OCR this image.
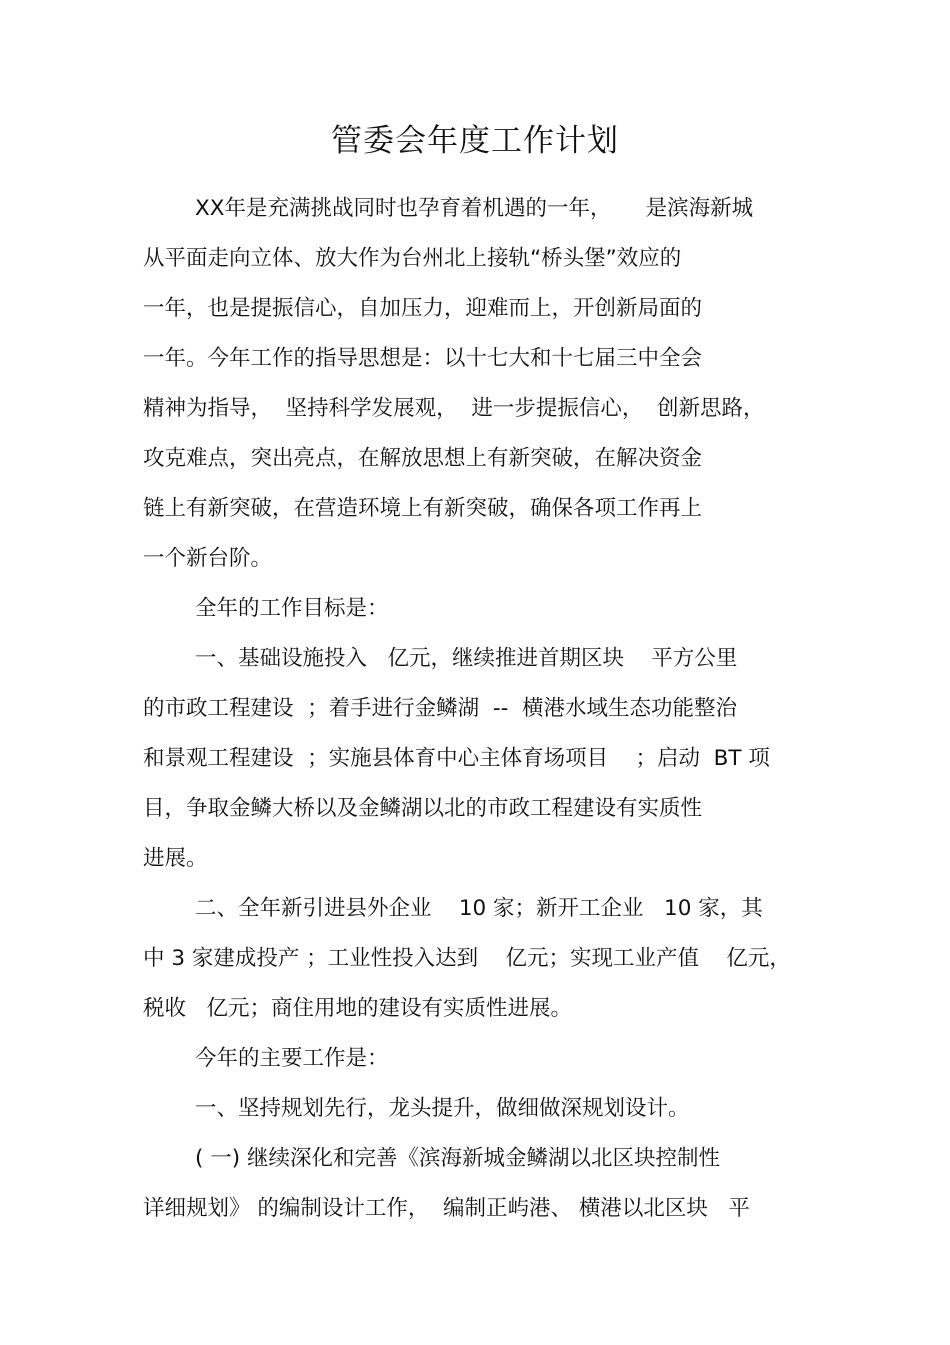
管委会年度工作计划
XX年是充满挑战同时也孕育着机遇的一年，     是滨海新城
从平面走向立体、放大作为台州北上接轨“桥头堡”效应的
一年，也是提振信心，自加压力，迎难而上，开创新局面的
一年。今年工作的指导思想是：以十七大和十七届三中全会
精神为指导，  坚持科学发展观，  进一步提振信心，  创新思路，
攻克难点，突出亮点，在解放思想上有新突破，在解决资金
链上有新突破，在营造环境上有新突破，确保各项工作再上
一个新台阶。
全年的工作目标是：
一、基础设施投入   亿元，继续推进首期区块    平方公里
的市政工程建设  ；着手进行金鳞湖  --  横港水域生态功能整治
和景观工程建设  ；实施县体育中心主体育场项目    ；启动  BT 项
目，争取金鳞大桥以及金鳞湖以北的市政工程建设有实质性
进展。
二、全年新引进县外企业    10 家；新开工企业   10 家，其
中 3 家建成投产 ；工业性投入达到    亿元；实现工业产值    亿元，
税收   亿元；商住用地的建设有实质性进展。
今年的主要工作是：
一、坚持规划先行，龙头提升，做细做深规划设计。
( 一) 继续深化和完善《滨海新城金鳞湖以北区块控制性
详细规划》 的编制设计工作，  编制正屿港、 横港以北区块   平
